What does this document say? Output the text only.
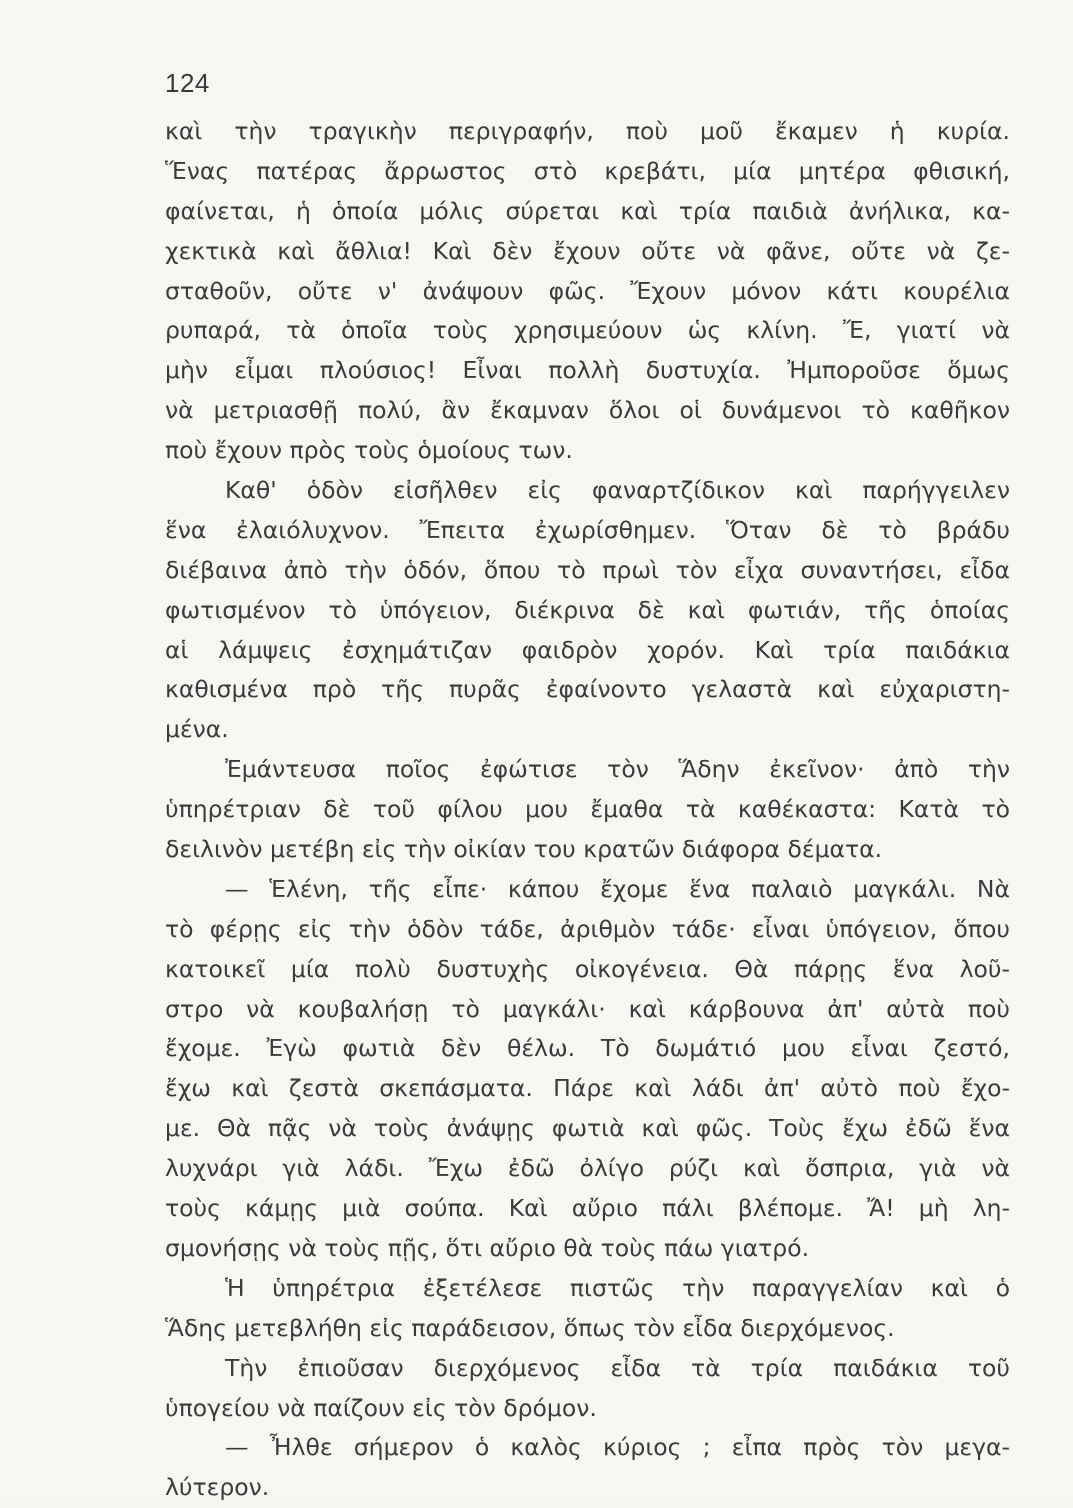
124
καὶ τὴν τραγικὴν περιγραφήν, ποὺ μοῦ ἔκαμεν ἡ κυρία.
Ἕνας πατέρας ἄρρωστος στὸ κρεβάτι, μία μητέρα φθισική,
φαίνεται, ἡ ὁποία μόλις σύρεται καὶ τρία παιδιὰ ἀνήλικα, κα-
χεκτικὰ καὶ ἄθλια! Καὶ δὲν ἔχουν οὔτε νὰ φᾶνε, οὔτε νὰ ζε-
σταθοῦν, οὔτε ν' ἀνάψουν φῶς. Ἔχουν μόνον κάτι κουρέλια
ρυπαρά, τὰ ὁποῖα τοὺς χρησιμεύουν ὡς κλίνη. Ἔ, γιατί νὰ
μὴν εἶμαι πλούσιος! Εἶναι πολλὴ δυστυχία. Ἠμποροῦσε ὅμως
νὰ μετριασθῇ πολύ, ἂν ἔκαμναν ὅλοι οἱ δυνάμενοι τὸ καθῆκον
ποὺ ἔχουν πρὸς τοὺς ὁμοίους των.
Καθ' ὁδὸν εἰσῆλθεν εἰς φαναρτζίδικον καὶ παρήγγειλεν
ἕνα ἐλαιόλυχνον. Ἔπειτα ἐχωρίσθημεν. Ὅταν δὲ τὸ βράδυ
διέβαινα ἀπὸ τὴν ὁδόν, ὅπου τὸ πρωὶ τὸν εἶχα συναντήσει, εἶδα
φωτισμένον τὸ ὑπόγειον, διέκρινα δὲ καὶ φωτιάν, τῆς ὁποίας
αἱ λάμψεις ἐσχημάτιζαν φαιδρὸν χορόν. Καὶ τρία παιδάκια
καθισμένα πρὸ τῆς πυρᾶς ἐφαίνοντο γελαστὰ καὶ εὐχαριστη-
μένα.
Ἐμάντευσα ποῖος ἐφώτισε τὸν Ἅδην ἐκεῖνον· ἀπὸ τὴν
ὑπηρέτριαν δὲ τοῦ φίλου μου ἔμαθα τὰ καθέκαστα: Κατὰ τὸ
δειλινὸν μετέβη εἰς τὴν οἰκίαν του κρατῶν διάφορα δέματα.
— Ἑλένη, τῆς εἶπε· κάπου ἔχομε ἕνα παλαιὸ μαγκάλι. Νὰ
τὸ φέρῃς εἰς τὴν ὁδὸν τάδε, ἀριθμὸν τάδε· εἶναι ὑπόγειον, ὅπου
κατοικεῖ μία πολὺ δυστυχὴς οἰκογένεια. Θὰ πάρῃς ἕνα λοῦ-
στρο νὰ κουβαλήσῃ τὸ μαγκάλι· καὶ κάρβουνα ἀπ' αὐτὰ ποὺ
ἔχομε. Ἐγὼ φωτιὰ δὲν θέλω. Τὸ δωμάτιό μου εἶναι ζεστό,
ἔχω καὶ ζεστὰ σκεπάσματα. Πάρε καὶ λάδι ἀπ' αὐτὸ ποὺ ἔχο-
με. Θὰ πᾷς νὰ τοὺς ἀνάψῃς φωτιὰ καὶ φῶς. Τοὺς ἔχω ἐδῶ ἕνα
λυχνάρι γιὰ λάδι. Ἔχω ἐδῶ ὀλίγο ρύζι καὶ ὄσπρια, γιὰ νὰ
τοὺς κάμῃς μιὰ σούπα. Καὶ αὔριο πάλι βλέπομε. Ἄ! μὴ λη-
σμονήσῃς νὰ τοὺς πῇς, ὅτι αὔριο θὰ τοὺς πάω γιατρό.
Ἡ ὑπηρέτρια ἐξετέλεσε πιστῶς τὴν παραγγελίαν καὶ ὁ
Ἅδης μετεβλήθη εἰς παράδεισον, ὅπως τὸν εἶδα διερχόμενος.
Τὴν ἐπιοῦσαν διερχόμενος εἶδα τὰ τρία παιδάκια τοῦ
ὑπογείου νὰ παίζουν εἰς τὸν δρόμον.
— Ἦλθε σήμερον ὁ καλὸς κύριος ; εἶπα πρὸς τὸν μεγα-
λύτερον.
